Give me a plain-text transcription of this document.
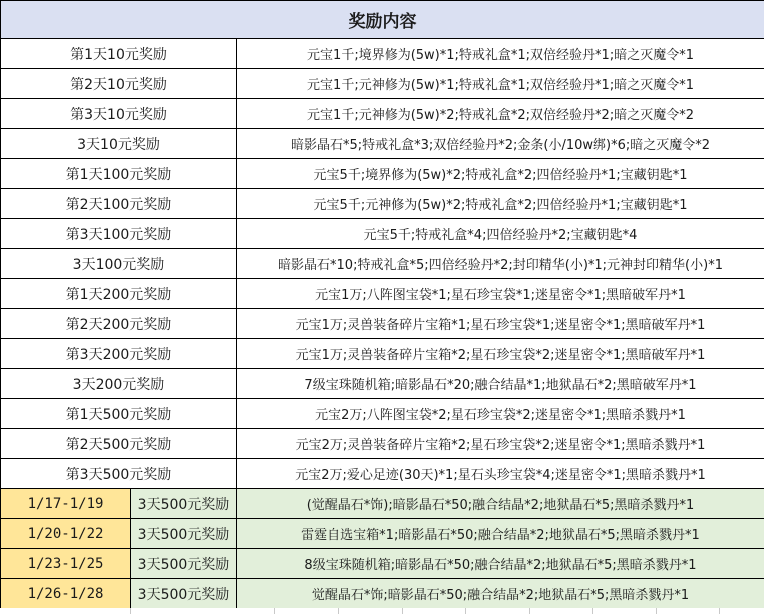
奖励内容		
第1天10元奖励		元宝1千;境界修为(5w)*1;特戒礼盒*1;双倍经验丹*1;暗之灭魔令*1
第2天10元奖励		元宝1千;元神修为(5w)*1;特戒礼盒*1;双倍经验丹*1;暗之灭魔令*1
第3天10元奖励		元宝1千;元神修为(5w)*2;特戒礼盒*2;双倍经验丹*2;暗之灭魔令*2
3天10元奖励		暗影晶石*5;特戒礼盒*3;双倍经验丹*2;金条(小/10w绑)*6;暗之灭魔令*2
第1天100元奖励		元宝5千;境界修为(5w)*2;特戒礼盒*2;四倍经验丹*1;宝藏钥匙*1
第2天100元奖励		元宝5千;元神修为(5w)*2;特戒礼盒*2;四倍经验丹*1;宝藏钥匙*1
第3天100元奖励		元宝5千;特戒礼盒*4;四倍经验丹*2;宝藏钥匙*4
3天100元奖励		暗影晶石*10;特戒礼盒*5;四倍经验丹*2;封印精华(小)*1;元神封印精华(小)*1
第1天200元奖励		元宝1万;八阵图宝袋*1;星石珍宝袋*1;迷星密令*1;黑暗破军丹*1
第2天200元奖励		元宝1万;灵兽装备碎片宝箱*1;星石珍宝袋*1;迷星密令*1;黑暗破军丹*1
第3天200元奖励		元宝1万;灵兽装备碎片宝箱*2;星石珍宝袋*2;迷星密令*1;黑暗破军丹*1
3天200元奖励		7级宝珠随机箱;暗影晶石*20;融合结晶*1;地狱晶石*2;黑暗破军丹*1
第1天500元奖励		元宝2万;八阵图宝袋*2;星石珍宝袋*2;迷星密令*1;黑暗杀戮丹*1
第2天500元奖励		元宝2万;灵兽装备碎片宝箱*2;星石珍宝袋*2;迷星密令*1;黑暗杀戮丹*1
第3天500元奖励		元宝2万;爱心足迹(30天)*1;星石头珍宝袋*4;迷星密令*1;黑暗杀戮丹*1
1/17-1/19	3天500元奖励	(觉醒晶石*饰);暗影晶石*50;融合结晶*2;地狱晶石*5;黑暗杀戮丹*1
1/20-1/22	3天500元奖励	雷霆自选宝箱*1;暗影晶石*50;融合结晶*2;地狱晶石*5;黑暗杀戮丹*1
1/23-1/25	3天500元奖励	8级宝珠随机箱;暗影晶石*50;融合结晶*2;地狱晶石*5;黑暗杀戮丹*1
1/26-1/28	3天500元奖励	觉醒晶石*饰;暗影晶石*50;融合结晶*2;地狱晶石*5;黑暗杀戮丹*1
